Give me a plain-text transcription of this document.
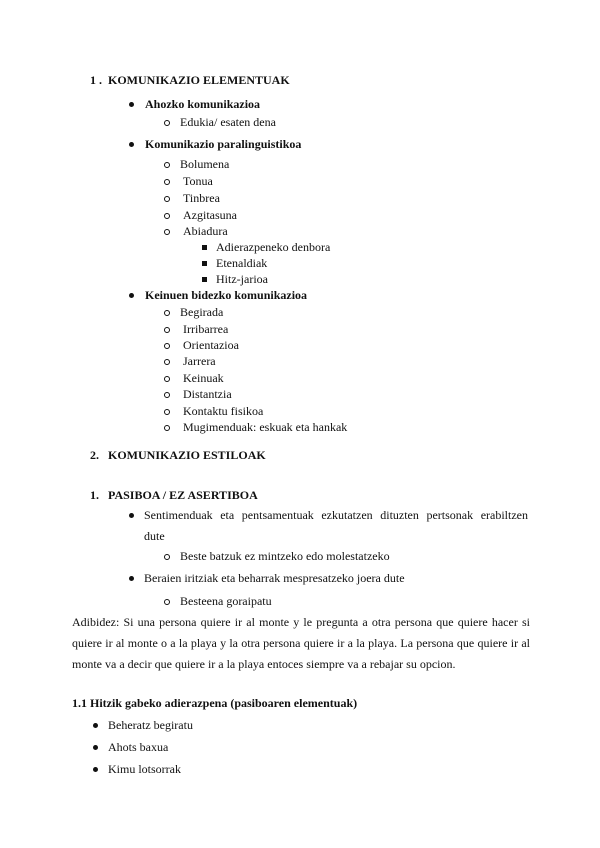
1 . KOMUNIKAZIO ELEMENTUAK
Ahozko komunikazioa
Edukia/ esaten dena
Komunikazio paralinguistikoa
Bolumena
Tonua
Tinbrea
Azgitasuna
Abiadura
Adierazpeneko denbora
Etenaldiak
Hitz-jarioa
Keinuen bidezko komunikazioa
Begirada
Irribarrea
Orientazioa
Jarrera
Keinuak
Distantzia
Kontaktu fisikoa
Mugimenduak: eskuak eta hankak
2. KOMUNIKAZIO ESTILOAK
1. PASIBOA / EZ ASERTIBOA
Sentimenduak eta pentsamentuak ezkutatzen dituzten pertsonak erabiltzen
dute
Beste batzuk ez mintzeko edo molestatzeko
Beraien iritziak eta beharrak mespresatzeko joera dute
Besteena goraipatu
Adibidez: Si una persona quiere ir al monte y le pregunta a otra persona que quiere hacer si quiere ir al monte o a la playa y la otra persona quiere ir a la playa. La persona que quiere ir al monte va a decir que quiere ir a la playa entoces siempre va a rebajar su opcion.
1.1 Hitzik gabeko adierazpena (pasiboaren elementuak)
Beheratz begiratu
Ahots baxua
Kimu lotsorrak
